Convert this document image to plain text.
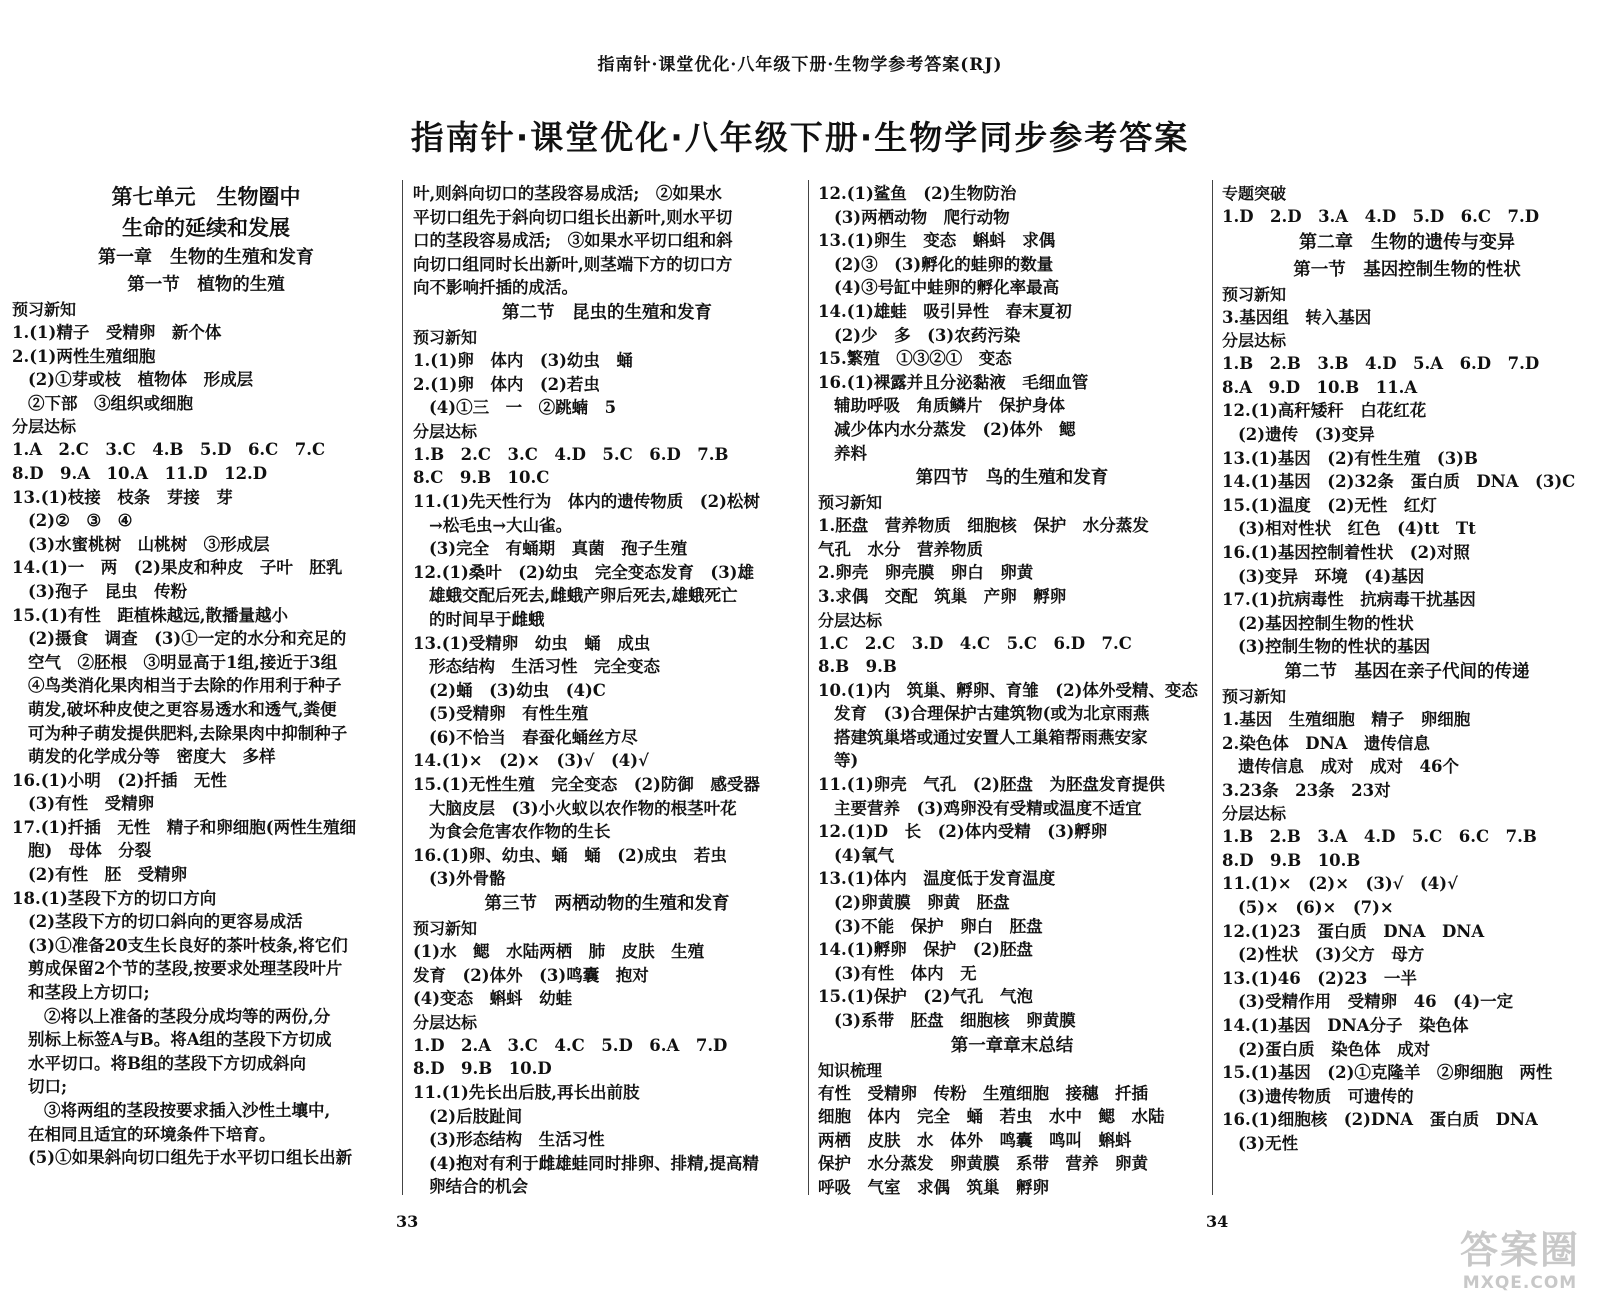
指南针·课堂优化·八年级下册·生物学参考答案(RJ)
指南针·课堂优化·八年级下册·生物学同步参考答案
第七单元　生物圈中
生命的延续和发展
第一章　生物的生殖和发育
第一节　植物的生殖
预习新知
1.(1)精子　受精卵　新个体
2.(1)两性生殖细胞
(2)①芽或枝　植物体　形成层
②下部　③组织或细胞
分层达标
1.A　2.C　3.C　4.B　5.D　6.C　7.C
8.D　9.A　10.A　11.D　12.D
13.(1)枝接　枝条　芽接　芽
(2)②　③　④
(3)水蜜桃树　山桃树　③形成层
14.(1)一　两　(2)果皮和种皮　子叶　胚乳
(3)孢子　昆虫　传粉
15.(1)有性　距植株越远,散播量越小
(2)摄食　调查　(3)①一定的水分和充足的
空气　②胚根　③明显高于1组,接近于3组
④鸟类消化果肉相当于去除的作用利于种子
萌发,破坏种皮使之更容易透水和透气,粪便
可为种子萌发提供肥料,去除果肉中抑制种子
萌发的化学成分等　密度大　多样
16.(1)小明　(2)扦插　无性
(3)有性　受精卵
17.(1)扦插　无性　精子和卵细胞(两性生殖细
胞)　母体　分裂
(2)有性　胚　受精卵
18.(1)茎段下方的切口方向
(2)茎段下方的切口斜向的更容易成活
(3)①准备20支生长良好的茶叶枝条,将它们
剪成保留2个节的茎段,按要求处理茎段叶片
和茎段上方切口;
②将以上准备的茎段分成均等的两份,分
别标上标签A与B。将A组的茎段下方切成
水平切口。将B组的茎段下方切成斜向
切口;
③将两组的茎段按要求插入沙性土壤中,
在相同且适宜的环境条件下培育。
(5)①如果斜向切口组先于水平切口组长出新
叶,则斜向切口的茎段容易成活;　②如果水
平切口组先于斜向切口组长出新叶,则水平切
口的茎段容易成活;　③如果水平切口组和斜
向切口组同时长出新叶,则茎端下方的切口方
向不影响扦插的成活。
第二节　昆虫的生殖和发育
预习新知
1.(1)卵　体内　(3)幼虫　蛹
2.(1)卵　体内　(2)若虫
(4)①三　一　②跳蝻　5
分层达标
1.B　2.C　3.C　4.D　5.C　6.D　7.B
8.C　9.B　10.C
11.(1)先天性行为　体内的遗传物质　(2)松树
→松毛虫→大山雀。
(3)完全　有蛹期　真菌　孢子生殖
12.(1)桑叶　(2)幼虫　完全变态发育　(3)雄
雄蛾交配后死去,雌蛾产卵后死去,雄蛾死亡
的时间早于雌蛾
13.(1)受精卵　幼虫　蛹　成虫
形态结构　生活习性　完全变态
(2)蛹　(3)幼虫　(4)C
(5)受精卵　有性生殖
(6)不恰当　春蚕化蛹丝方尽
14.(1)×　(2)×　(3)√　(4)√
15.(1)无性生殖　完全变态　(2)防御　感受器
大脑皮层　(3)小火蚁以农作物的根茎叶花
为食会危害农作物的生长
16.(1)卵、幼虫、蛹　蛹　(2)成虫　若虫
(3)外骨骼
第三节　两栖动物的生殖和发育
预习新知
(1)水　鳃　水陆两栖　肺　皮肤　生殖
发育　(2)体外　(3)鸣囊　抱对
(4)变态　蝌蚪　幼蛙
分层达标
1.D　2.A　3.C　4.C　5.D　6.A　7.D
8.D　9.B　10.D
11.(1)先长出后肢,再长出前肢
(2)后肢趾间
(3)形态结构　生活习性
(4)抱对有利于雌雄蛙同时排卵、排精,提高精
卵结合的机会
12.(1)鲨鱼　(2)生物防治
(3)两栖动物　爬行动物
13.(1)卵生　变态　蝌蚪　求偶
(2)③　(3)孵化的蛙卵的数量
(4)③号缸中蛙卵的孵化率最高
14.(1)雄蛙　吸引异性　春末夏初
(2)少　多　(3)农药污染
15.繁殖　①③②①　变态
16.(1)裸露并且分泌黏液　毛细血管
辅助呼吸　角质鳞片　保护身体
减少体内水分蒸发　(2)体外　鳃
养料
第四节　鸟的生殖和发育
预习新知
1.胚盘　营养物质　细胞核　保护　水分蒸发
气孔　水分　营养物质
2.卵壳　卵壳膜　卵白　卵黄
3.求偶　交配　筑巢　产卵　孵卵
分层达标
1.C　2.C　3.D　4.C　5.C　6.D　7.C
8.B　9.B
10.(1)内　筑巢、孵卵、育雏　(2)体外受精、变态
发育　(3)合理保护古建筑物(或为北京雨燕
搭建筑巢塔或通过安置人工巢箱帮雨燕安家
等)
11.(1)卵壳　气孔　(2)胚盘　为胚盘发育提供
主要营养　(3)鸡卵没有受精或温度不适宜
12.(1)D　长　(2)体内受精　(3)孵卵
(4)氧气
13.(1)体内　温度低于发育温度
(2)卵黄膜　卵黄　胚盘
(3)不能　保护　卵白　胚盘
14.(1)孵卵　保护　(2)胚盘
(3)有性　体内　无
15.(1)保护　(2)气孔　气泡
(3)系带　胚盘　细胞核　卵黄膜
第一章章末总结
知识梳理
有性　受精卵　传粉　生殖细胞　接穗　扦插
细胞　体内　完全　蛹　若虫　水中　鳃　水陆
两栖　皮肤　水　体外　鸣囊　鸣叫　蝌蚪
保护　水分蒸发　卵黄膜　系带　营养　卵黄
呼吸　气室　求偶　筑巢　孵卵
专题突破
1.D　2.D　3.A　4.D　5.D　6.C　7.D
第二章　生物的遗传与变异
第一节　基因控制生物的性状
预习新知
3.基因组　转入基因
分层达标
1.B　2.B　3.B　4.D　5.A　6.D　7.D
8.A　9.D　10.B　11.A
12.(1)高秆矮秆　白花红花
(2)遗传　(3)变异
13.(1)基因　(2)有性生殖　(3)B
14.(1)基因　(2)32条　蛋白质　DNA　(3)C
15.(1)温度　(2)无性　红灯
(3)相对性状　红色　(4)tt　Tt
16.(1)基因控制着性状　(2)对照
(3)变异　环境　(4)基因
17.(1)抗病毒性　抗病毒干扰基因
(2)基因控制生物的性状
(3)控制生物的性状的基因
第二节　基因在亲子代间的传递
预习新知
1.基因　生殖细胞　精子　卵细胞
2.染色体　DNA　遗传信息
遗传信息　成对　成对　46个
3.23条　23条　23对
分层达标
1.B　2.B　3.A　4.D　5.C　6.C　7.B
8.D　9.B　10.B
11.(1)×　(2)×　(3)√　(4)√
(5)×　(6)×　(7)×
12.(1)23　蛋白质　DNA　DNA
(2)性状　(3)父方　母方
13.(1)46　(2)23　一半
(3)受精作用　受精卵　46　(4)一定
14.(1)基因　DNA分子　染色体
(2)蛋白质　染色体　成对
15.(1)基因　(2)①克隆羊　②卵细胞　两性
(3)遗传物质　可遗传的
16.(1)细胞核　(2)DNA　蛋白质　DNA
(3)无性
33	34
答案圈
MXQE.COM
